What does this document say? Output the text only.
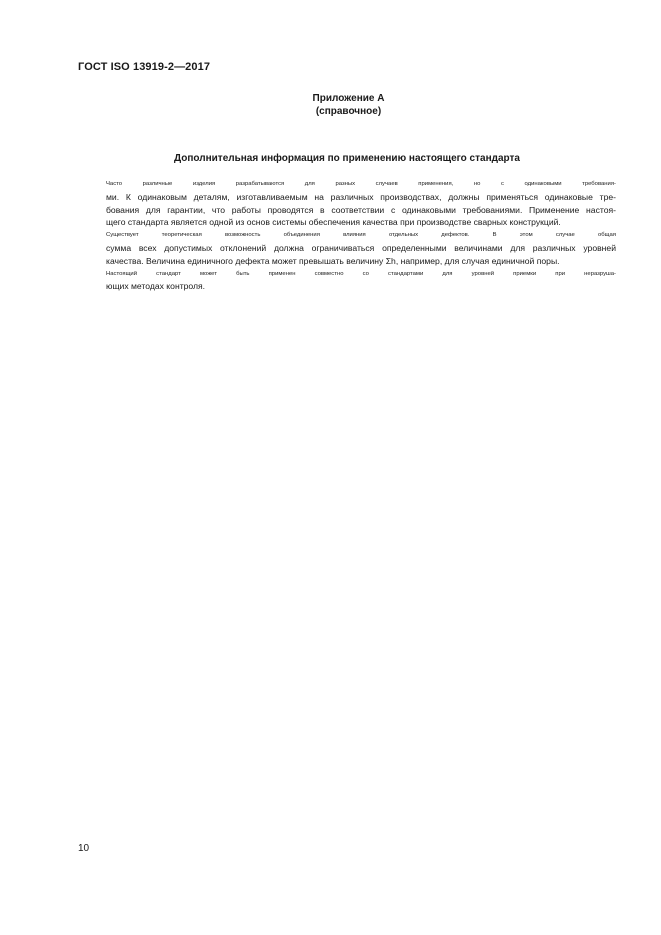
ГОСТ ISO 13919-2—2017
Приложение А
(справочное)
Дополнительная информация по применению настоящего стандарта

Часто различные изделия разрабатываются для разных случаев применения, но с одинаковыми требования-
ми. К одинаковым деталям, изготавливаемым на различных производствах, должны применяться одинаковые тре-
бования для гарантии, что работы проводятся в соответствии с одинаковыми требованиями. Применение настоя-
щего стандарта является одной из основ системы обеспечения качества при производстве сварных конструкций.

Существует теоретическая возможность объединения влияния отдельных дефектов. В этом случае общая
сумма всех допустимых отклонений должна ограничиваться определенными величинами для различных уровней
качества. Величина единичного дефекта может превышать величину Σh, например, для случая единичной поры.

Настоящий стандарт может быть применен совместно со стандартами для уровней приемки при неразруша-
ющих методах контроля.

10
